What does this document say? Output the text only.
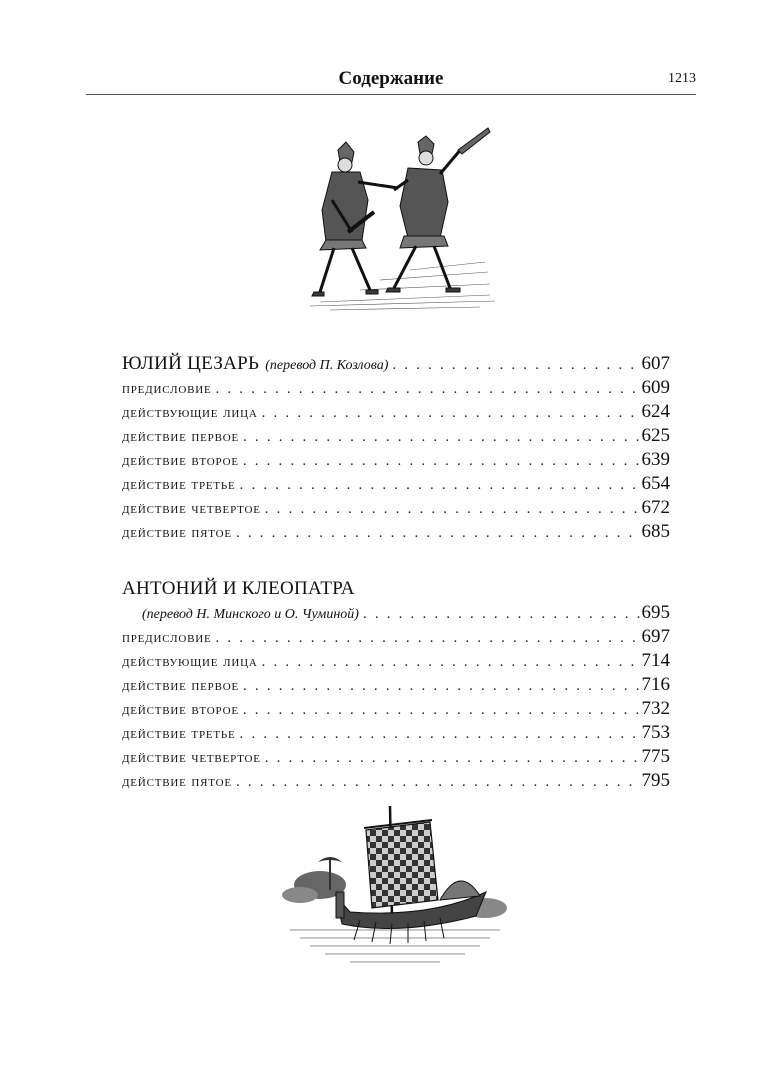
Содержание	1213
ЮЛИЙ ЦЕЗАРЬ (перевод П. Козлова) . . .	607
предисловие . . .	609
действующие лица . . .	624
действие первое . . .	625
действие второе . . .	639
действие третье . . .	654
действие четвертое . . .	672
действие пятое . . .	685
АНТОНИЙ И КЛЕОПАТРА
(перевод Н. Минского и О. Чуминой) . . .	695
предисловие . . .	697
действующие лица . . .	714
действие первое . . .	716
действие второе . . .	732
действие третье . . .	753
действие четвертое . . .	775
действие пятое . . .	795
